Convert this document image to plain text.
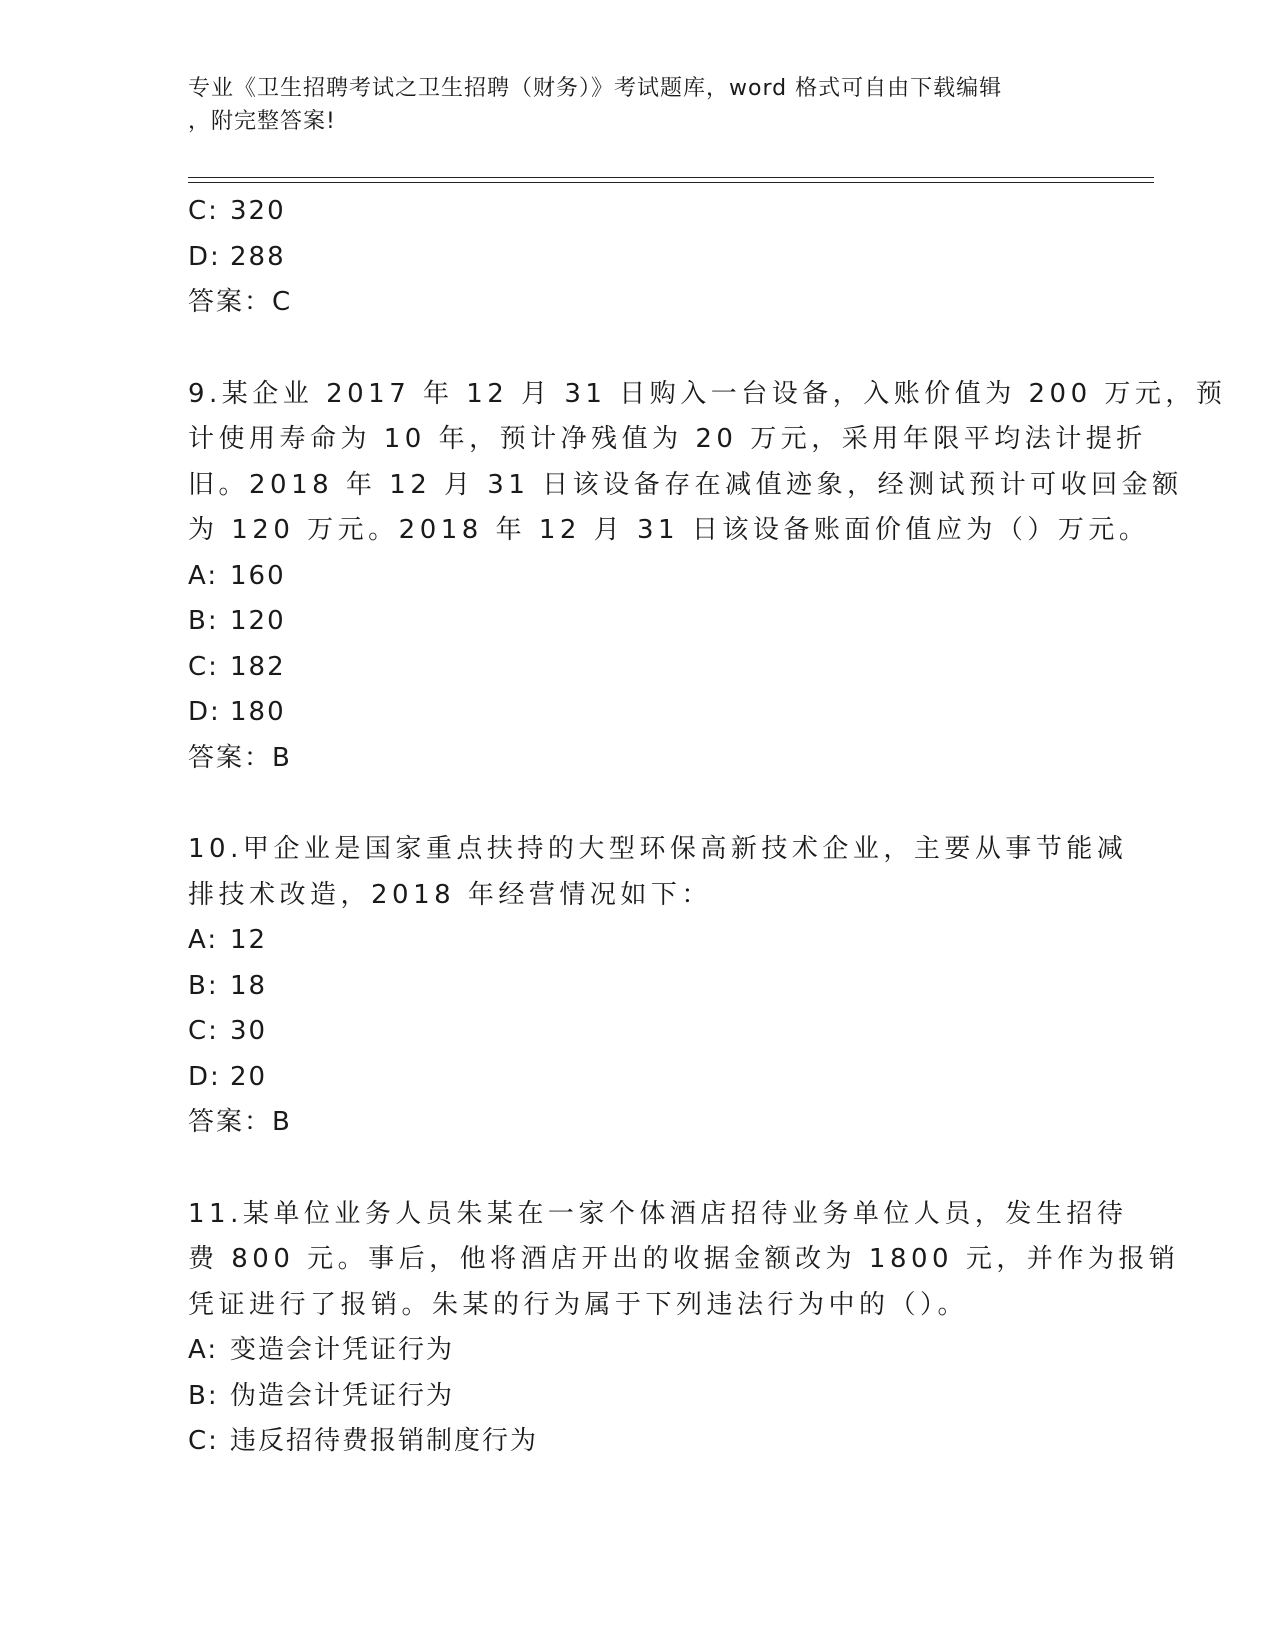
专业《卫生招聘考试之卫生招聘（财务）》考试题库，word 格式可自由下载编辑
，附完整答案!
C: 320
D: 288
答案：C
9.某企业 2017 年 12 月 31 日购入一台设备，入账价值为 200 万元，预
计使用寿命为 10 年，预计净残值为 20 万元，采用年限平均法计提折
旧。2018 年 12 月 31 日该设备存在减值迹象，经测试预计可收回金额
为 120 万元。2018 年 12 月 31 日该设备账面价值应为（）万元。
A: 160
B: 120
C: 182
D: 180
答案：B
10.甲企业是国家重点扶持的大型环保高新技术企业，主要从事节能减
排技术改造，2018 年经营情况如下：
A: 12
B: 18
C: 30
D: 20
答案：B
11.某单位业务人员朱某在一家个体酒店招待业务单位人员，发生招待
费 800 元。事后，他将酒店开出的收据金额改为 1800 元，并作为报销
凭证进行了报销。朱某的行为属于下列违法行为中的（）。
A: 变造会计凭证行为
B: 伪造会计凭证行为
C: 违反招待费报销制度行为
